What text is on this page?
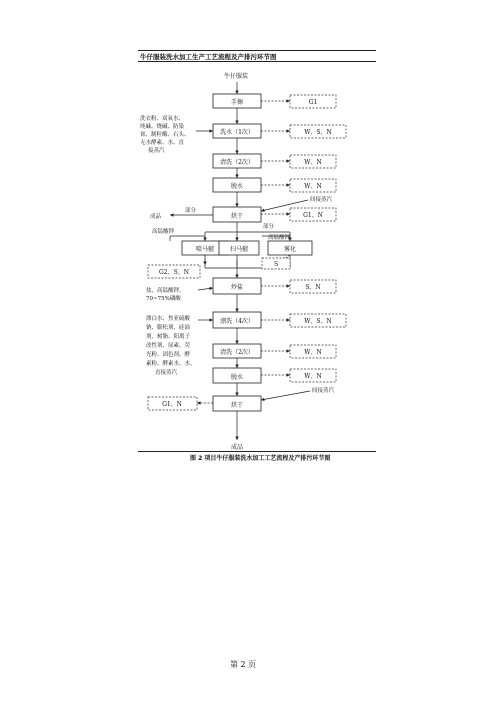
牛仔服装洗水加工生产工艺流程及产排污环节图
牛仔服装
手擦
洗水（1次）
清洗（2次）
脱水
烘干
炒盐
漂洗（4次）
清洗（2次）
脱水
烘干
喷马骝	扫马骝	雾化
G1
W、S、N
W、N
W、N
G1、N
S
G2、S、N
S、N
W、S、N
W、N
W、N
G1、N
洗衣粉、双氧水、
纯碱、烧碱、防染
膏、制粒酶、石头、
无水酵素、水、直
接蒸汽
间接蒸汽
成品
部分
部分
高锰酸钾
高锰酸钾
盐、高锰酸钾、
70~75%磷酸
漂白水、焦亚硫酸
钠、膨松剂、硅油
剂、树脂、阳离子
改性剂、尿素、荧
光粉、固色剂、酵
素粉、酵素水、水、
直接蒸汽
间接蒸汽
成品
图 2 项目牛仔服装洗水加工工艺流程及产排污环节图
第 2 页
